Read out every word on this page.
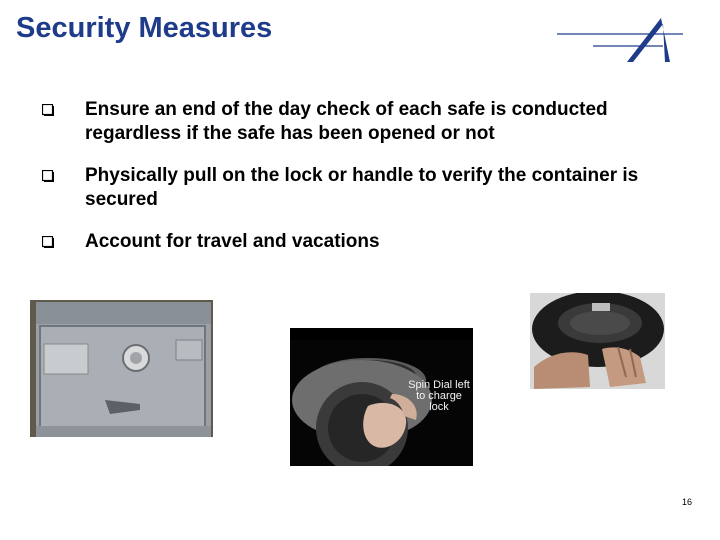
Security Measures
Ensure an end of the day check of each safe is conducted regardless if the safe has been opened or not
Physically pull on the lock or handle to verify the container is secured
Account for travel and vacations
Spin Dial left to charge lock
16
